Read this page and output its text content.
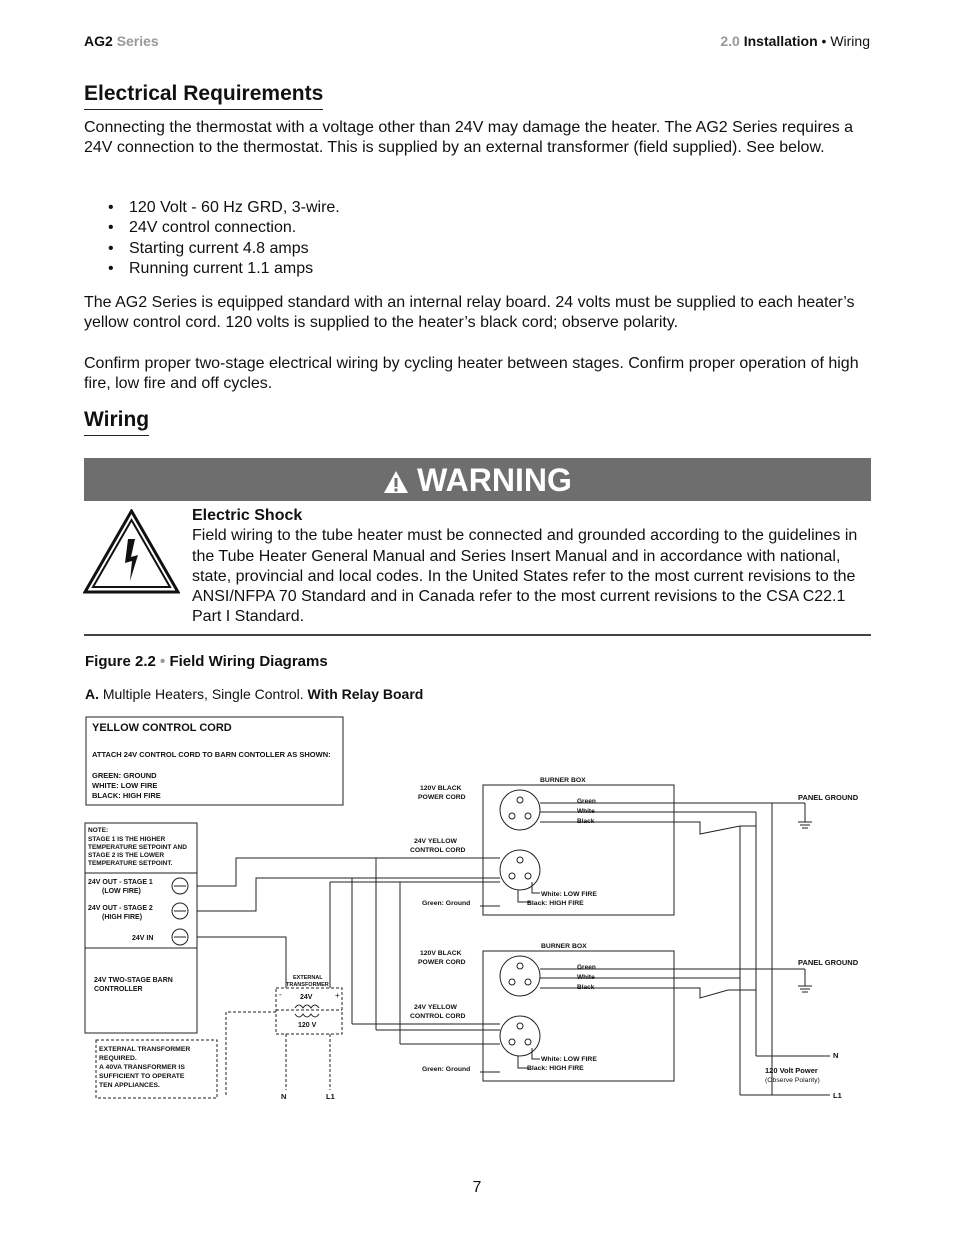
AG2 Series	2.0 Installation • Wiring
Electrical Requirements

Connecting the thermostat with a voltage other than 24V may damage the heater. The AG2 Series requires a 24V connection to the thermostat. This is supplied by an external transformer (field supplied). See below.

• 120 Volt - 60 Hz GRD, 3-wire.
• 24V control connection.
• Starting current 4.8 amps
• Running current 1.1 amps

The AG2 Series is equipped standard with an internal relay board. 24 volts must be supplied to each heater’s yellow control cord. 120 volts is supplied to the heater’s black cord; observe polarity.

Confirm proper two-stage electrical wiring by cycling heater between stages. Confirm proper operation of high fire, low fire and off cycles.

Wiring
WARNING
Electric Shock
Field wiring to the tube heater must be connected and grounded according to the guidelines in the Tube Heater General Manual and Series Insert Manual and in accordance with national, state, provincial and local codes. In the United States refer to the most current revisions to the ANSI/NFPA 70 Standard and in Canada refer to the most current revisions to the CSA C22.1 Part I Standard.
Figure 2.2 • Field Wiring Diagrams
A. Multiple Heaters, Single Control. With Relay Board
YELLOW CONTROL CORD
ATTACH 24V CONTROL CORD TO BARN CONTOLLER AS SHOWN:
GREEN: GROUND
WHITE: LOW FIRE
BLACK: HIGH FIRE
NOTE:
STAGE 1 IS THE HIGHER
TEMPERATURE SETPOINT AND
STAGE 2 IS THE LOWER
TEMPERATURE SETPOINT.
24V OUT - STAGE 1
(LOW FIRE)
24V OUT - STAGE 2
(HIGH FIRE)
24V IN
24V TWO-STAGE BARN
CONTROLLER
EXTERNAL
TRANSFORMER
-	+
24V
120 V
EXTERNAL TRANSFORMER
REQUIRED.
A 40VA TRANSFORMER IS
SUFFICIENT TO OPERATE
TEN APPLIANCES.
N	L1
BURNER BOX
120V BLACK
POWER CORD
Green
White
Black
24V YELLOW
CONTROL CORD
White: LOW FIRE
Black: HIGH FIRE
Green: Ground
PANEL GROUND
BURNER BOX
120V BLACK
POWER CORD
Green
White
Black
24V YELLOW
CONTROL CORD
White: LOW FIRE
Black: HIGH FIRE
Green: Ground
PANEL GROUND
N
120 Volt Power
(Observe Polarity)
L1
7
